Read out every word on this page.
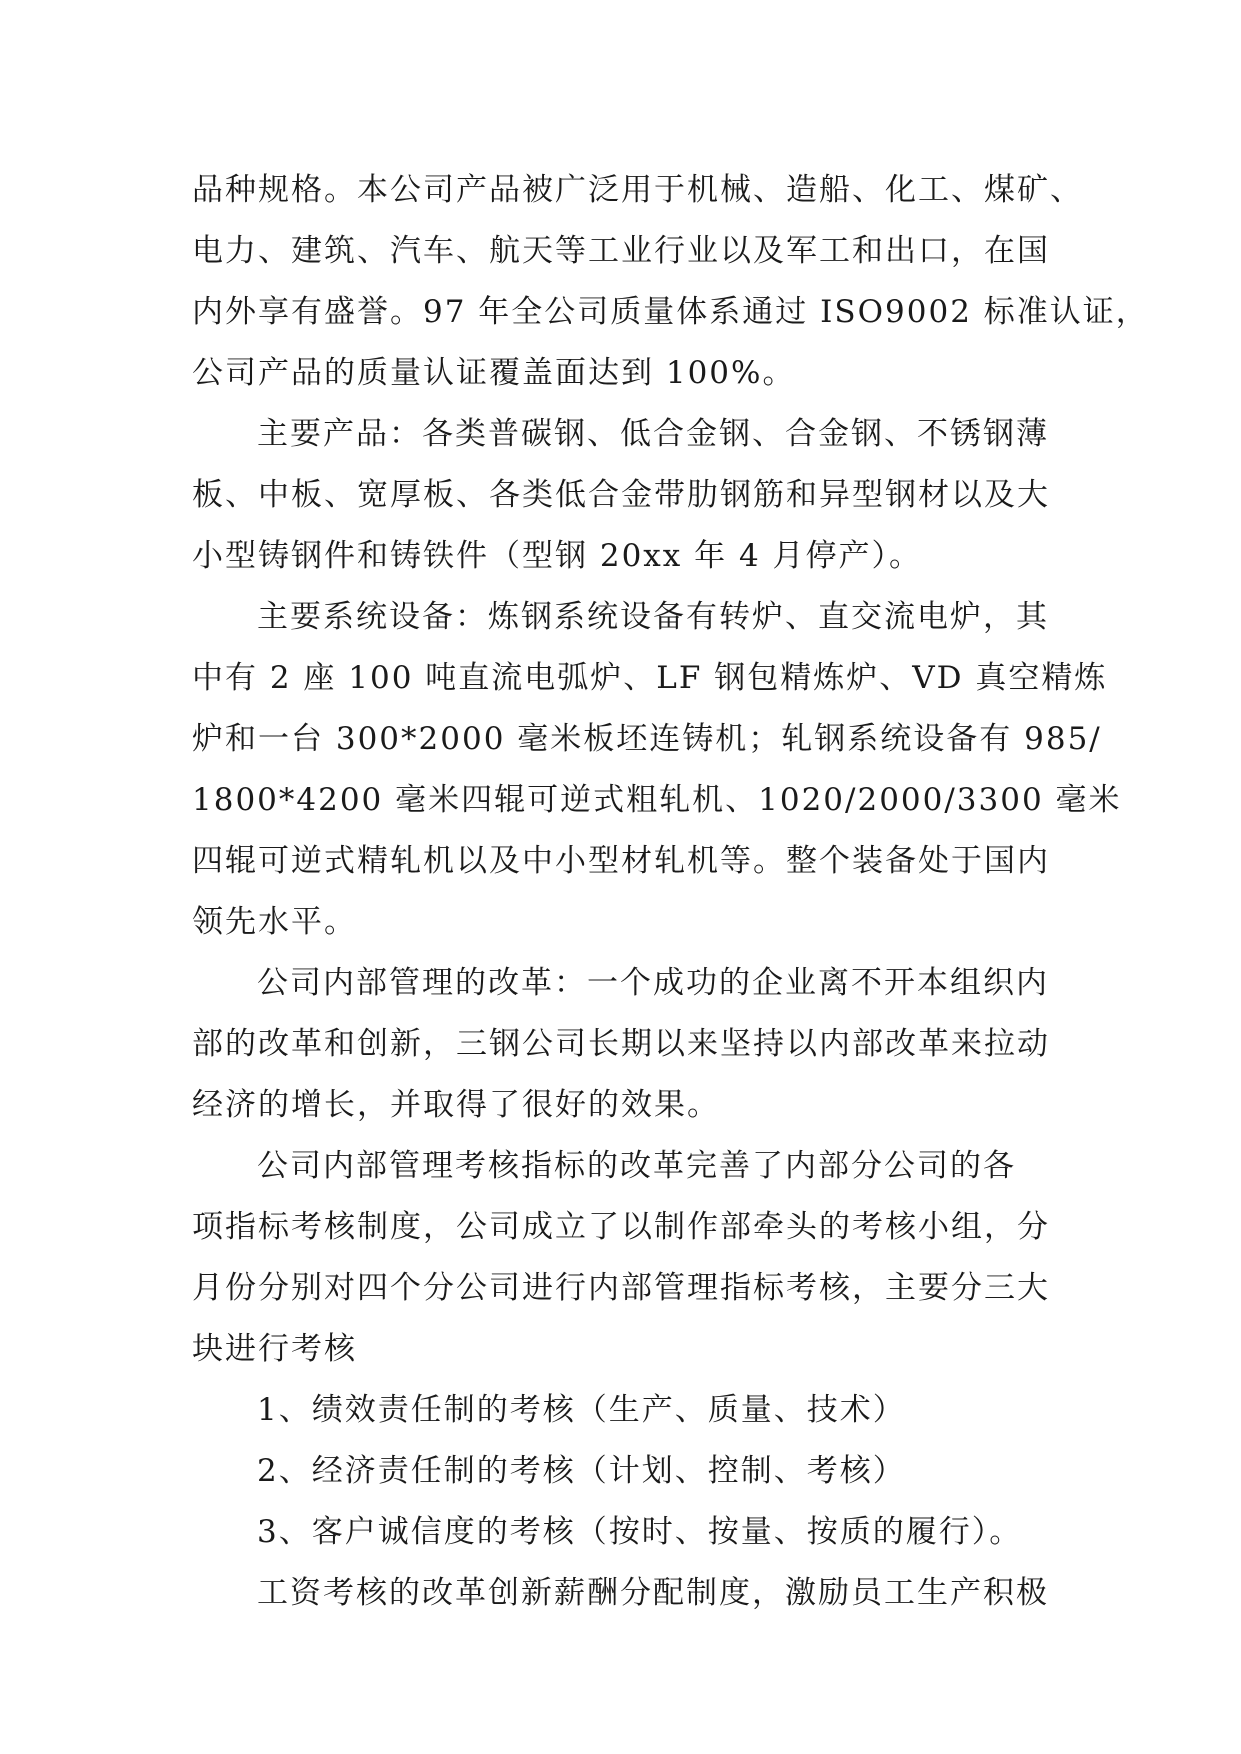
品种规格。本公司产品被广泛用于机械、造船、化工、煤矿、

电力、建筑、汽车、航天等工业行业以及军工和出口，在国

内外享有盛誉。97 年全公司质量体系通过 ISO9002 标准认证，

公司产品的质量认证覆盖面达到 100%。

主要产品：各类普碳钢、低合金钢、合金钢、不锈钢薄

板、中板、宽厚板、各类低合金带肋钢筋和异型钢材以及大

小型铸钢件和铸铁件（型钢 20xx 年 4 月停产）。

主要系统设备：炼钢系统设备有转炉、直交流电炉，其

中有 2 座 100 吨直流电弧炉、LF 钢包精炼炉、VD 真空精炼

炉和一台 300*2000 毫米板坯连铸机；轧钢系统设备有 985/

1800*4200 毫米四辊可逆式粗轧机、1020/2000/3300 毫米

四辊可逆式精轧机以及中小型材轧机等。整个装备处于国内

领先水平。

公司内部管理的改革：一个成功的企业离不开本组织内

部的改革和创新，三钢公司长期以来坚持以内部改革来拉动

经济的增长，并取得了很好的效果。

公司内部管理考核指标的改革完善了内部分公司的各

项指标考核制度，公司成立了以制作部牵头的考核小组，分

月份分别对四个分公司进行内部管理指标考核，主要分三大

块进行考核

1、绩效责任制的考核（生产、质量、技术）

2、经济责任制的考核（计划、控制、考核）

3、客户诚信度的考核（按时、按量、按质的履行）。

工资考核的改革创新薪酬分配制度，激励员工生产积极
